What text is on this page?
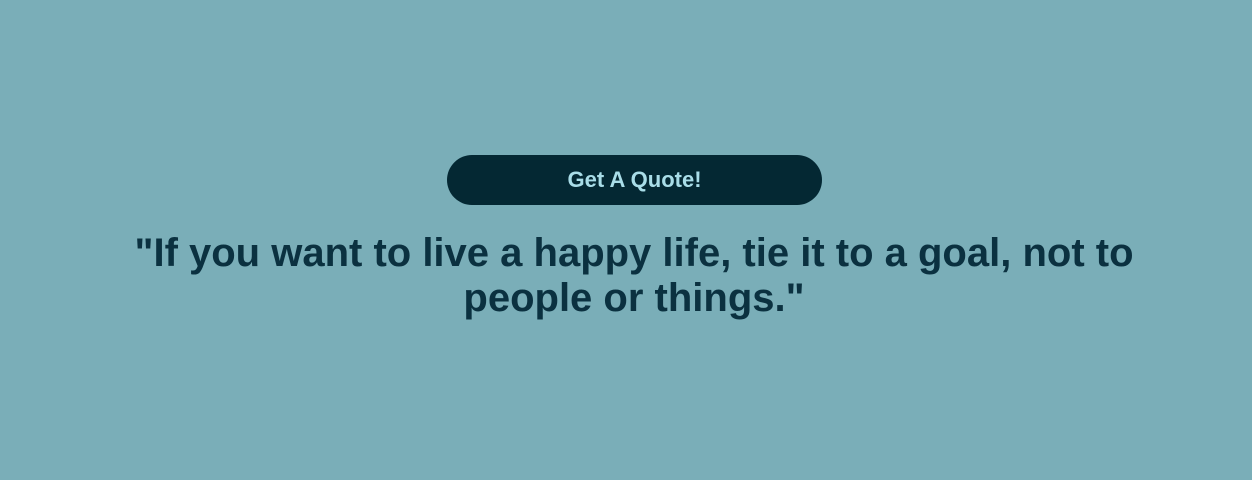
Get A Quote!

"If you want to live a happy life, tie it to a goal, not to people or things."
